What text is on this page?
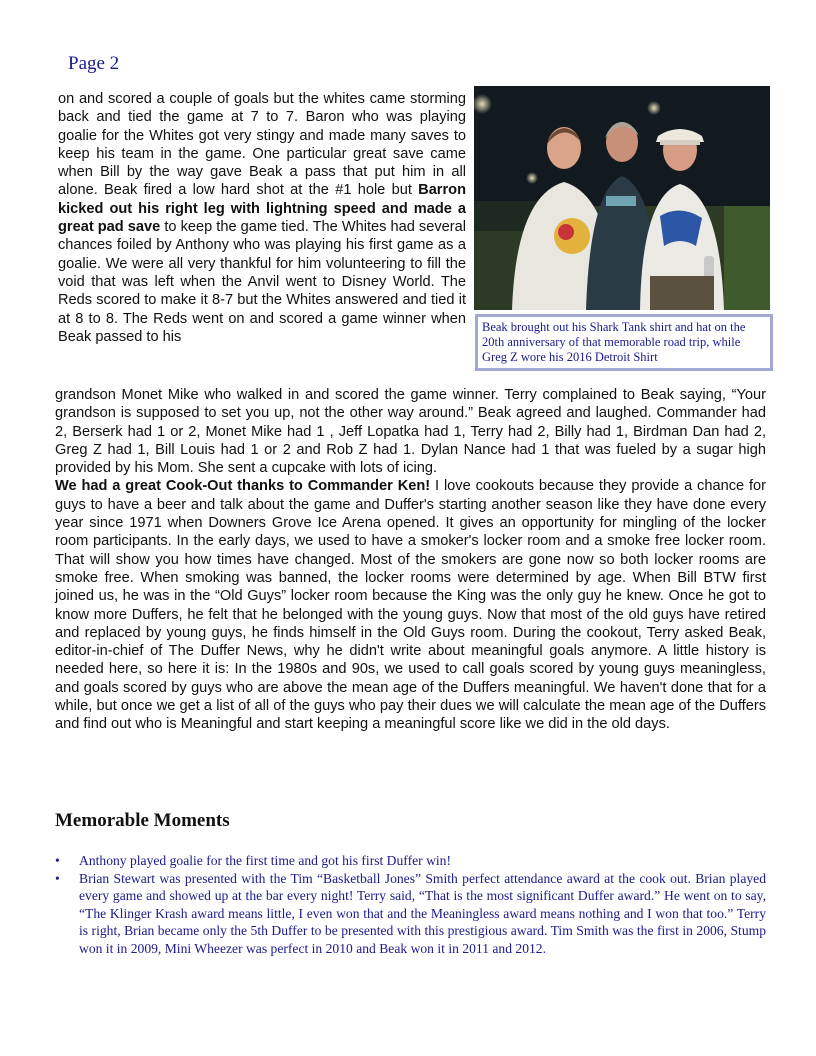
Page 2
on and scored a couple of goals but the whites came storming back and tied the game at 7 to 7. Baron who was playing goalie for the Whites got very stingy and made many saves to keep his team in the game. One particular great save came when Bill by the way gave Beak a pass that put him in all alone. Beak fired a low hard shot at the #1 hole but Barron kicked out his right leg with lightning speed and made a great pad save to keep the game tied. The Whites had several chances foiled by Anthony who was playing his first game as a goalie. We were all very thankful for him volunteering to fill the void that was left when the Anvil went to Disney World. The Reds scored to make it 8-7 but the Whites answered and tied it at 8 to 8. The Reds went on and scored a game winner when Beak passed to his
Beak brought out his Shark Tank shirt and hat on the 20th anniversary of that memorable road trip, while Greg Z wore his 2016 Detroit Shirt

grandson Monet Mike who walked in and scored the game winner. Terry complained to Beak saying, “Your grandson is supposed to set you up, not the other way around.” Beak agreed and laughed. Commander had 2, Berserk had 1 or 2, Monet Mike had 1 , Jeff Lopatka had 1, Terry had 2, Billy had 1, Birdman Dan had 2, Greg Z had 1, Bill Louis had 1 or 2 and Rob Z had 1. Dylan Nance had 1 that was fueled by a sugar high provided by his Mom. She sent a cupcake with lots of icing.

We had a great Cook-Out thanks to Commander Ken! I love cookouts because they provide a chance for guys to have a beer and talk about the game and Duffer's starting another season like they have done every year since 1971 when Downers Grove Ice Arena opened. It gives an opportunity for mingling of the locker room participants. In the early days, we used to have a smoker's locker room and a smoke free locker room. That will show you how times have changed. Most of the smokers are gone now so both locker rooms are smoke free. When smoking was banned, the locker rooms were determined by age. When Bill BTW first joined us, he was in the “Old Guys” locker room because the King was the only guy he knew. Once he got to know more Duffers, he felt that he belonged with the young guys. Now that most of the old guys have retired and replaced by young guys, he finds himself in the Old Guys room. During the cookout, Terry asked Beak, editor-in-chief of The Duffer News, why he didn't write about meaningful goals anymore. A little history is needed here, so here it is: In the 1980s and 90s, we used to call goals scored by young guys meaningless, and goals scored by guys who are above the mean age of the Duffers meaningful. We haven't done that for a while, but once we get a list of all of the guys who pay their dues we will calculate the mean age of the Duffers and find out who is Meaningful and start keeping a meaningful score like we did in the old days.

Memorable Moments
• Anthony played goalie for the first time and got his first Duffer win!
• Brian Stewart was presented with the Tim “Basketball Jones” Smith perfect attendance award at the cook out. Brian played every game and showed up at the bar every night! Terry said, “That is the most significant Duffer award.” He went on to say, “The Klinger Krash award means little, I even won that and the Meaningless award means nothing and I won that too.” Terry is right, Brian became only the 5th Duffer to be presented with this prestigious award. Tim Smith was the first in 2006, Stump won it in 2009, Mini Wheezer was perfect in 2010 and Beak won it in 2011 and 2012.
